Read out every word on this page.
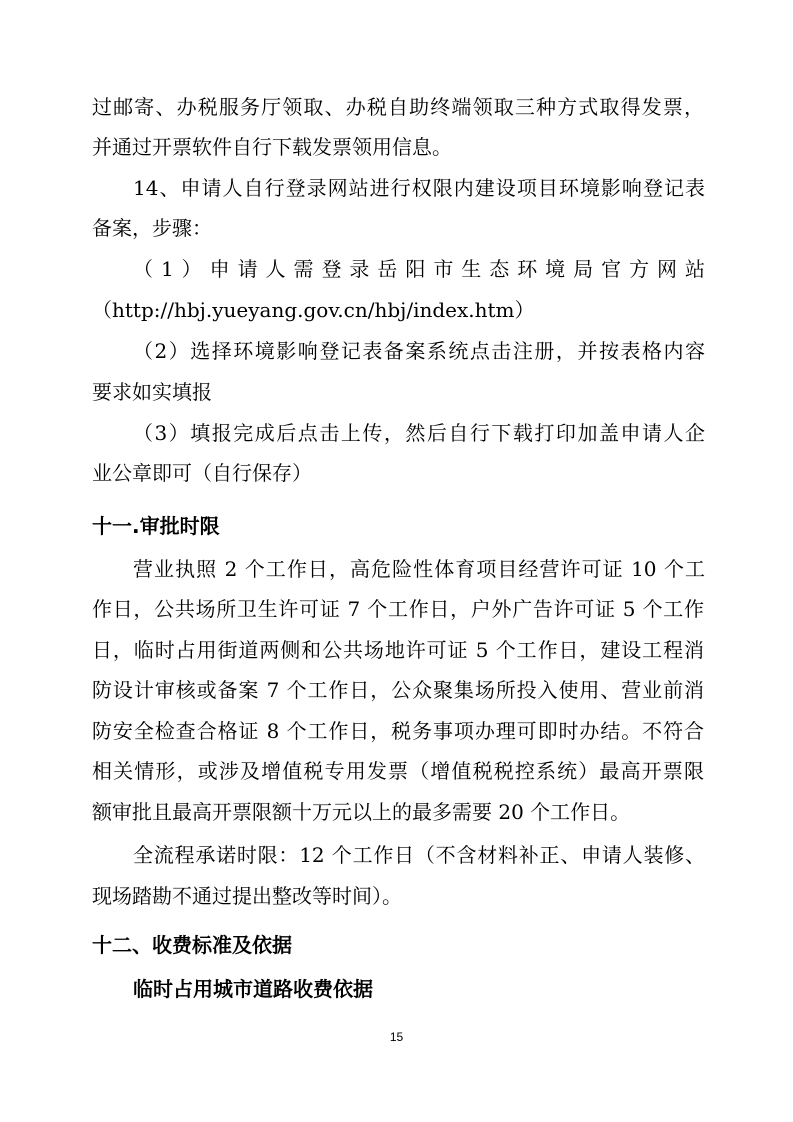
过邮寄、办税服务厅领取、办税自助终端领取三种方式取得发票，
并通过开票软件自行下载发票领用信息。
14、申请人自行登录网站进行权限内建设项目环境影响登记表
备案，步骤：
（1）申请人需登录岳阳市生态环境局官方网站
（http://hbj.yueyang.gov.cn/hbj/index.htm）
（2）选择环境影响登记表备案系统点击注册，并按表格内容
要求如实填报
（3）填报完成后点击上传，然后自行下载打印加盖申请人企
业公章即可（自行保存）
十一.审批时限
营业执照 2 个工作日，高危险性体育项目经营许可证 10 个工
作日，公共场所卫生许可证 7 个工作日，户外广告许可证 5 个工作
日，临时占用街道两侧和公共场地许可证 5 个工作日，建设工程消
防设计审核或备案 7 个工作日，公众聚集场所投入使用、营业前消
防安全检查合格证 8 个工作日，税务事项办理可即时办结。不符合
相关情形，或涉及增值税专用发票（增值税税控系统）最高开票限
额审批且最高开票限额十万元以上的最多需要 20 个工作日。
全流程承诺时限：12 个工作日（不含材料补正、申请人装修、
现场踏勘不通过提出整改等时间）。
十二、收费标准及依据
临时占用城市道路收费依据
15
